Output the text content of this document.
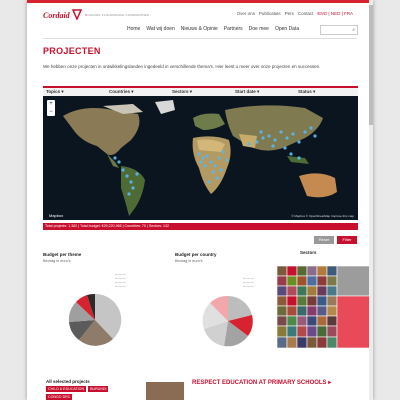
Cordaid	BUILDING FLOURISHING COMMUNITIES	Over ons Publicaties Pers Contact ENG | NED | FRA
Home Wat wij doen Nieuws & Opinie Partners Doe mee Open Data	⌕
PROJECTEN
We hebben onze projecten in ontwikkelingslanden ingedeeld in verschillende thema's. Hier leest u meer over onze projecten en successen.
Topics ▾	Countries ▾	Sectors ▾	Start date ▾	Status ▾
+
−
Mapbox	© Mapbox © OpenStreetMap Improve this map
Total projects: 1,382 | Total budget: €29,220,965 | Countries: 70 | Sectors: 132
Budget per theme
Bedrag in euro's
— — —
— — —
— — —
— — —
Budget per country
Bedrag in euro's
— — —
— — —
— — —
Sectors
Reset	Filter
All selected projects
CHILD & EDUCATION	BURUNDI
CONGO DRC
RESPECT EDUCATION AT PRIMARY SCHOOLS ▸
